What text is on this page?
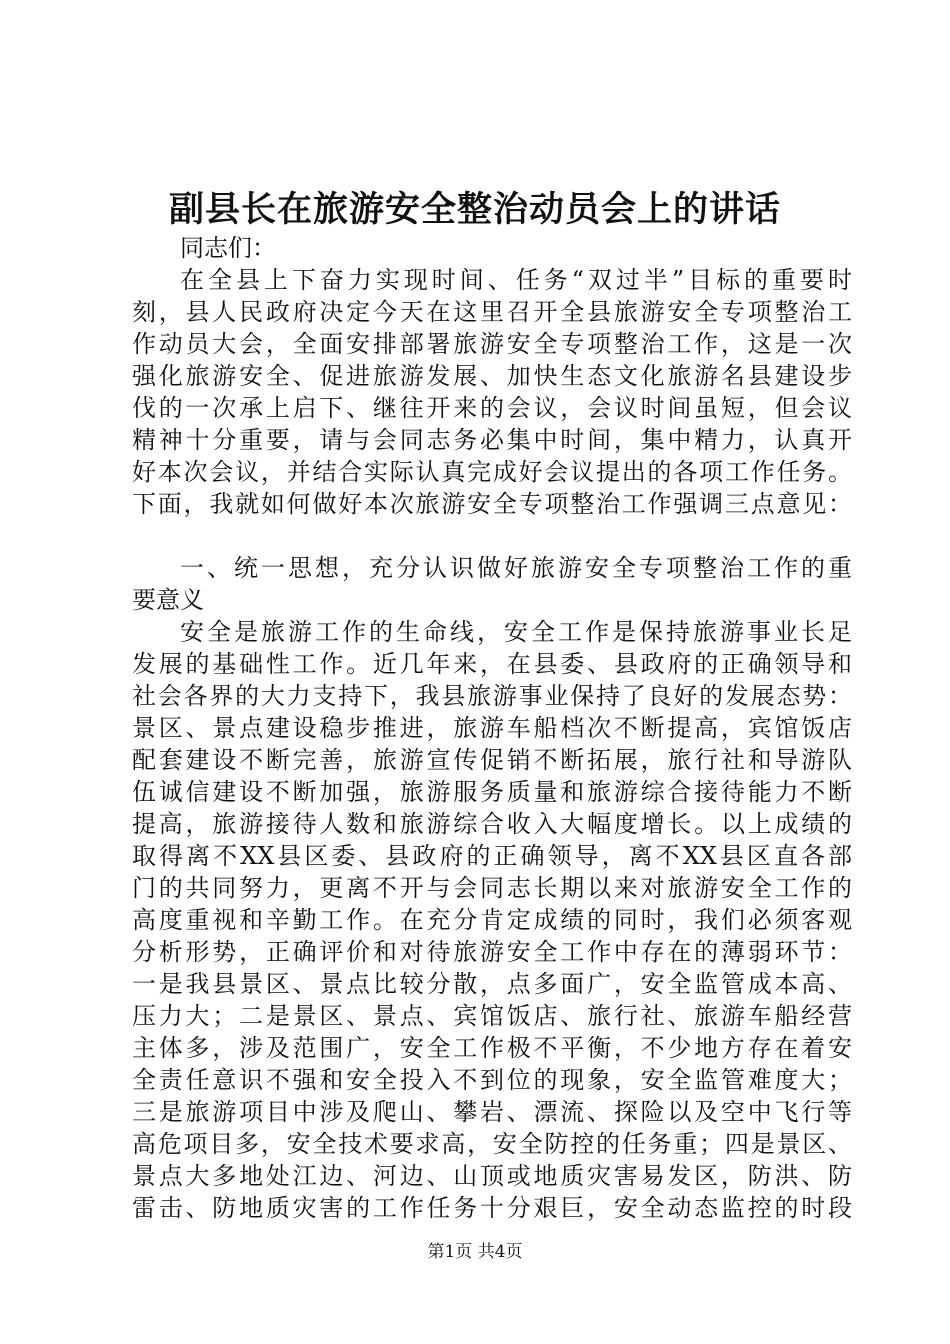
副县长在旅游安全整治动员会上的讲话
同志们：
在全县上下奋力实现时间、任务“双过半”目标的重要时
刻，县人民政府决定今天在这里召开全县旅游安全专项整治工
作动员大会，全面安排部署旅游安全专项整治工作，这是一次
强化旅游安全、促进旅游发展、加快生态文化旅游名县建设步
伐的一次承上启下、继往开来的会议，会议时间虽短，但会议
精神十分重要，请与会同志务必集中时间，集中精力，认真开
好本次会议，并结合实际认真完成好会议提出的各项工作任务。
下面，我就如何做好本次旅游安全专项整治工作强调三点意见：
一、统一思想，充分认识做好旅游安全专项整治工作的重
要意义
安全是旅游工作的生命线，安全工作是保持旅游事业长足
发展的基础性工作。近几年来，在县委、县政府的正确领导和
社会各界的大力支持下，我县旅游事业保持了良好的发展态势：
景区、景点建设稳步推进，旅游车船档次不断提高，宾馆饭店
配套建设不断完善，旅游宣传促销不断拓展，旅行社和导游队
伍诚信建设不断加强，旅游服务质量和旅游综合接待能力不断
提高，旅游接待人数和旅游综合收入大幅度增长。以上成绩的
取得离不XX县区委、县政府的正确领导，离不XX县区直各部
门的共同努力，更离不开与会同志长期以来对旅游安全工作的
高度重视和辛勤工作。在充分肯定成绩的同时，我们必须客观
分析形势，正确评价和对待旅游安全工作中存在的薄弱环节：
一是我县景区、景点比较分散，点多面广，安全监管成本高、
压力大；二是景区、景点、宾馆饭店、旅行社、旅游车船经营
主体多，涉及范围广，安全工作极不平衡，不少地方存在着安
全责任意识不强和安全投入不到位的现象，安全监管难度大；
三是旅游项目中涉及爬山、攀岩、漂流、探险以及空中飞行等
高危项目多，安全技术要求高，安全防控的任务重；四是景区、
景点大多地处江边、河边、山顶或地质灾害易发区，防洪、防
雷击、防地质灾害的工作任务十分艰巨，安全动态监控的时段
第1页 共4页
